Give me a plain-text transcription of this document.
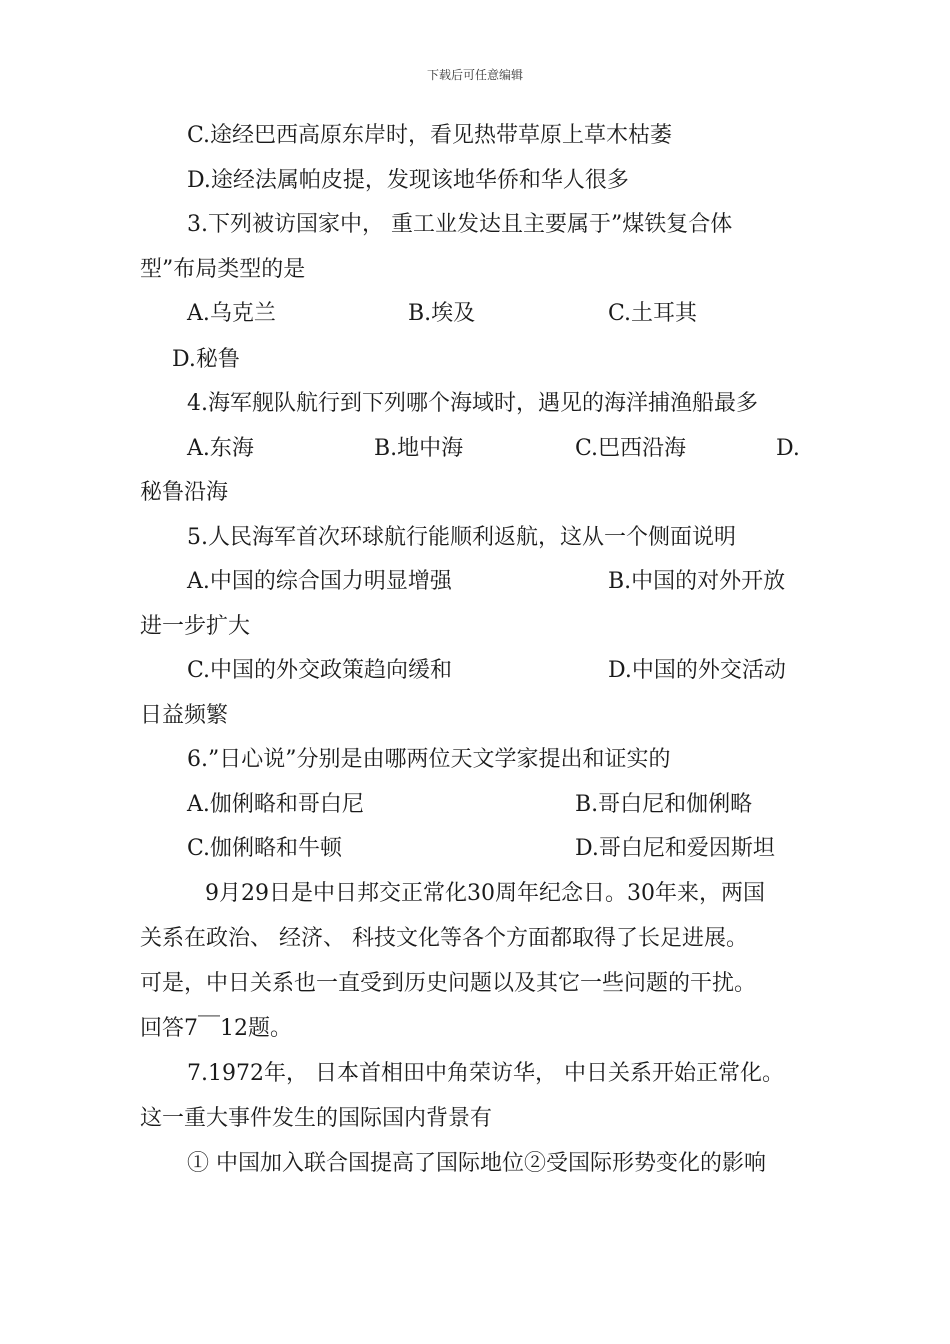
下载后可任意编辑
C.途经巴西高原东岸时，看见热带草原上草木枯萎
D.途经法属帕皮提，发现该地华侨和华人很多
3.下列被访国家中， 重工业发达且主要属于”煤铁复合体
型”布局类型的是
A.乌克兰	B.埃及	C.土耳其
D.秘鲁
4.海军舰队航行到下列哪个海域时，遇见的海洋捕渔船最多
A.东海	B.地中海	C.巴西沿海	D.
秘鲁沿海
5.人民海军首次环球航行能顺利返航，这从一个侧面说明
A.中国的综合国力明显增强	B.中国的对外开放
进一步扩大
C.中国的外交政策趋向缓和	D.中国的外交活动
日益频繁
6.”日心说”分别是由哪两位天文学家提出和证实的
A.伽俐略和哥白尼	B.哥白尼和伽俐略
C.伽俐略和牛顿	D.哥白尼和爱因斯坦
9月29日是中日邦交正常化30周年纪念日。30年来，两国
关系在政治、 经济、 科技文化等各个方面都取得了长足进展。
可是，中日关系也一直受到历史问题以及其它一些问题的干扰。
回答7￣12题。
7.1972年， 日本首相田中角荣访华， 中日关系开始正常化。
这一重大事件发生的国际国内背景有
① 中国加入联合国提高了国际地位②受国际形势变化的影响
